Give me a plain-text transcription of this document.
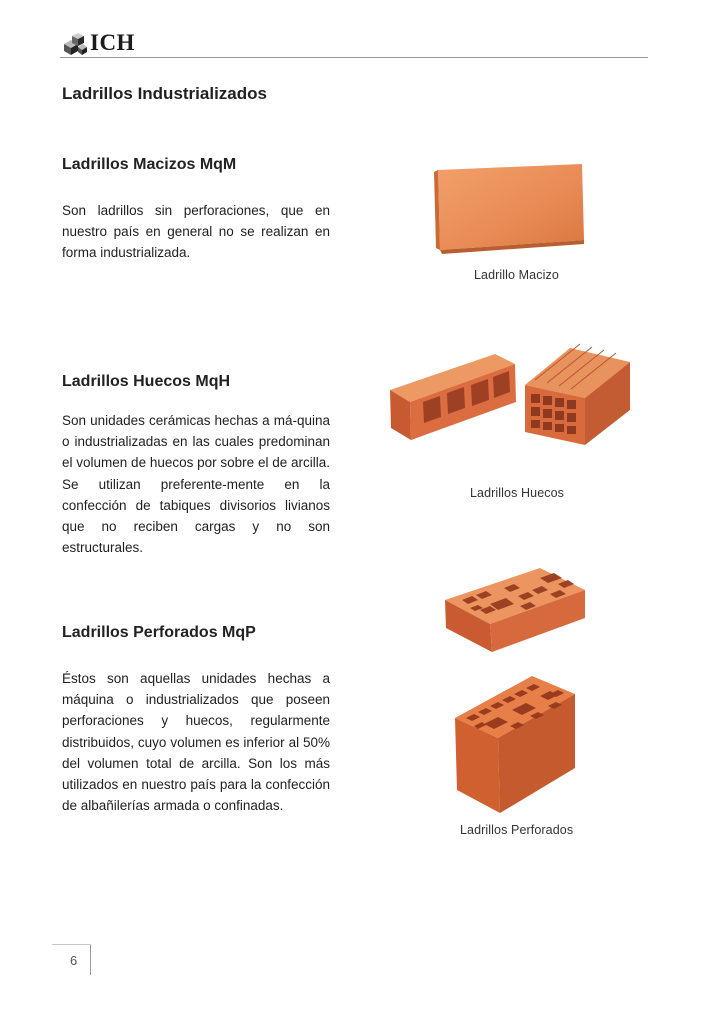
ICH
Ladrillos Industrializados
Ladrillos Macizos MqM
Son ladrillos sin perforaciones, que en nuestro país en general no se realizan en forma industrializada.
Ladrillo Macizo
Ladrillos Huecos MqH
Son unidades cerámicas hechas a má-quina o industrializadas en las cuales predominan el volumen de huecos por sobre el de arcilla. Se utilizan preferente-mente en la confección de tabiques divisorios livianos que no reciben cargas y no son estructurales.
Ladrillos Huecos
Ladrillos Perforados MqP
Éstos son aquellas unidades hechas a máquina o industrializados que poseen perforaciones y huecos, regularmente distribuidos, cuyo volumen es inferior al 50% del volumen total de arcilla. Son los más utilizados en nuestro país para la confección de albañilerías armada o confinadas.
Ladrillos Perforados
6
